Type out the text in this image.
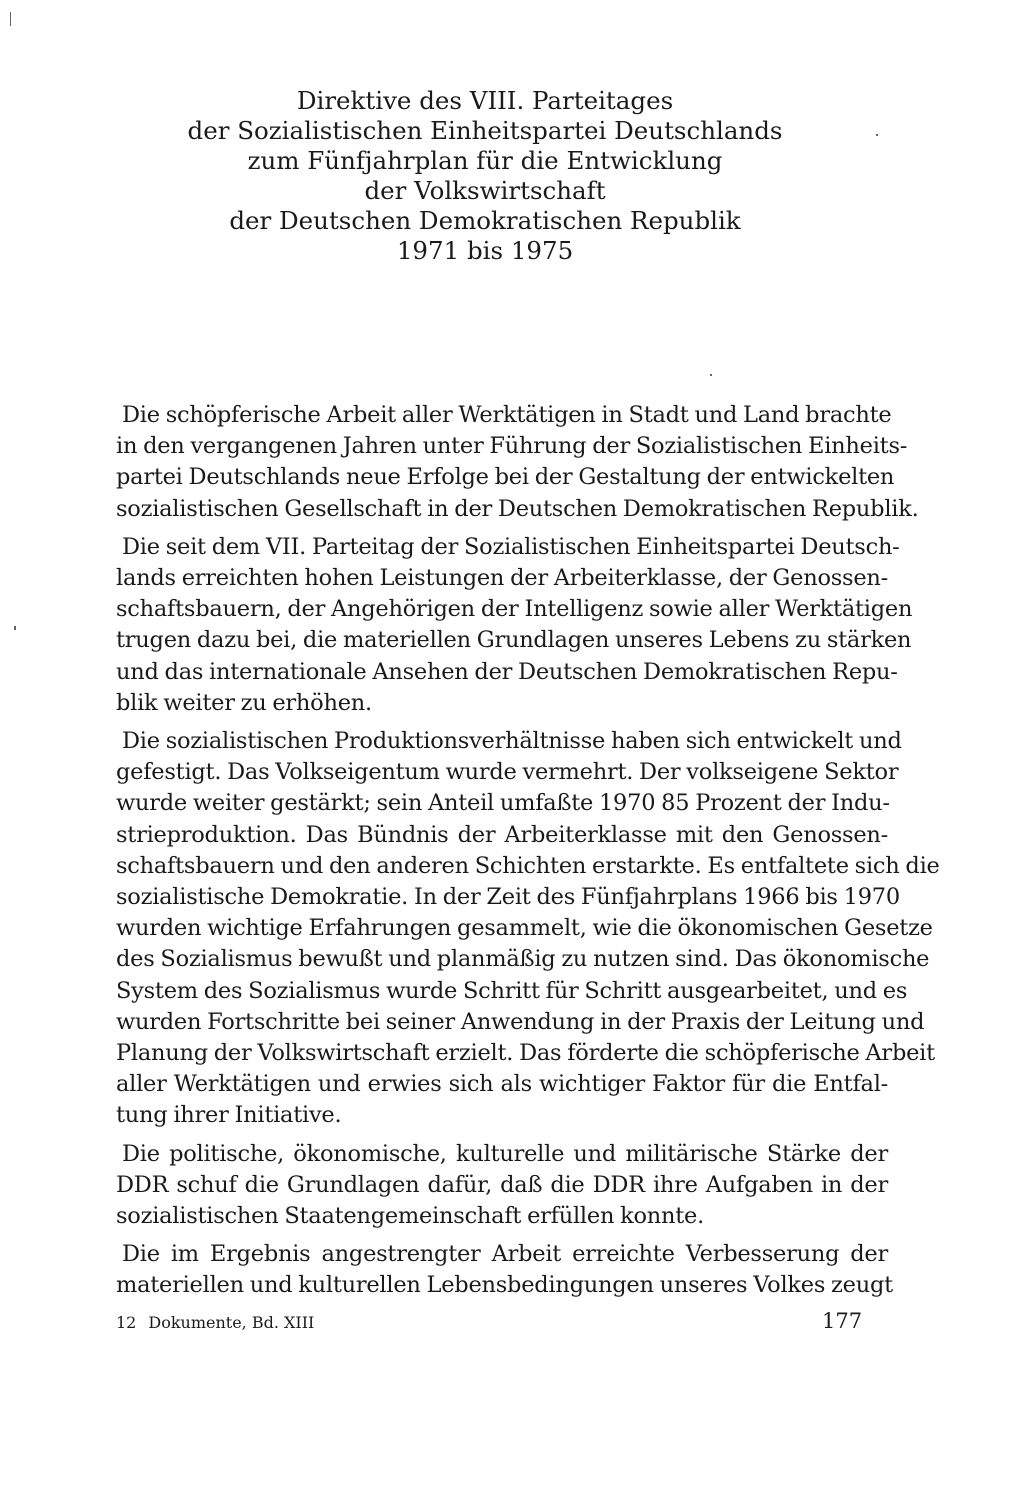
Direktive des VIII. Parteitages
der Sozialistischen Einheitspartei Deutschlands
zum Fünfjahrplan für die Entwicklung
der Volkswirtschaft
der Deutschen Demokratischen Republik
1971 bis 1975
Die schöpferische Arbeit aller Werktätigen in Stadt und Land brachte
in den vergangenen Jahren unter Führung der Sozialistischen Einheits-
partei Deutschlands neue Erfolge bei der Gestaltung der entwickelten
sozialistischen Gesellschaft in der Deutschen Demokratischen Republik.
Die seit dem VII. Parteitag der Sozialistischen Einheitspartei Deutsch-
lands erreichten hohen Leistungen der Arbeiterklasse, der Genossen-
schaftsbauern, der Angehörigen der Intelligenz sowie aller Werktätigen
trugen dazu bei, die materiellen Grundlagen unseres Lebens zu stärken
und das internationale Ansehen der Deutschen Demokratischen Repu-
blik weiter zu erhöhen.
Die sozialistischen Produktionsverhältnisse haben sich entwickelt und
gefestigt. Das Volkseigentum wurde vermehrt. Der volkseigene Sektor
wurde weiter gestärkt; sein Anteil umfaßte 1970 85 Prozent der Indu-
strieproduktion. Das Bündnis der Arbeiterklasse mit den Genossen-
schaftsbauern und den anderen Schichten erstarkte. Es entfaltete sich die
sozialistische Demokratie. In der Zeit des Fünfjahrplans 1966 bis 1970
wurden wichtige Erfahrungen gesammelt, wie die ökonomischen Gesetze
des Sozialismus bewußt und planmäßig zu nutzen sind. Das ökonomische
System des Sozialismus wurde Schritt für Schritt ausgearbeitet, und es
wurden Fortschritte bei seiner Anwendung in der Praxis der Leitung und
Planung der Volkswirtschaft erzielt. Das förderte die schöpferische Arbeit
aller Werktätigen und erwies sich als wichtiger Faktor für die Entfal-
tung ihrer Initiative.
Die politische, ökonomische, kulturelle und militärische Stärke der
DDR schuf die Grundlagen dafür, daß die DDR ihre Aufgaben in der
sozialistischen Staatengemeinschaft erfüllen konnte.
Die im Ergebnis angestrengter Arbeit erreichte Verbesserung der
materiellen und kulturellen Lebensbedingungen unseres Volkes zeugt
12 Dokumente, Bd. XIII	177
